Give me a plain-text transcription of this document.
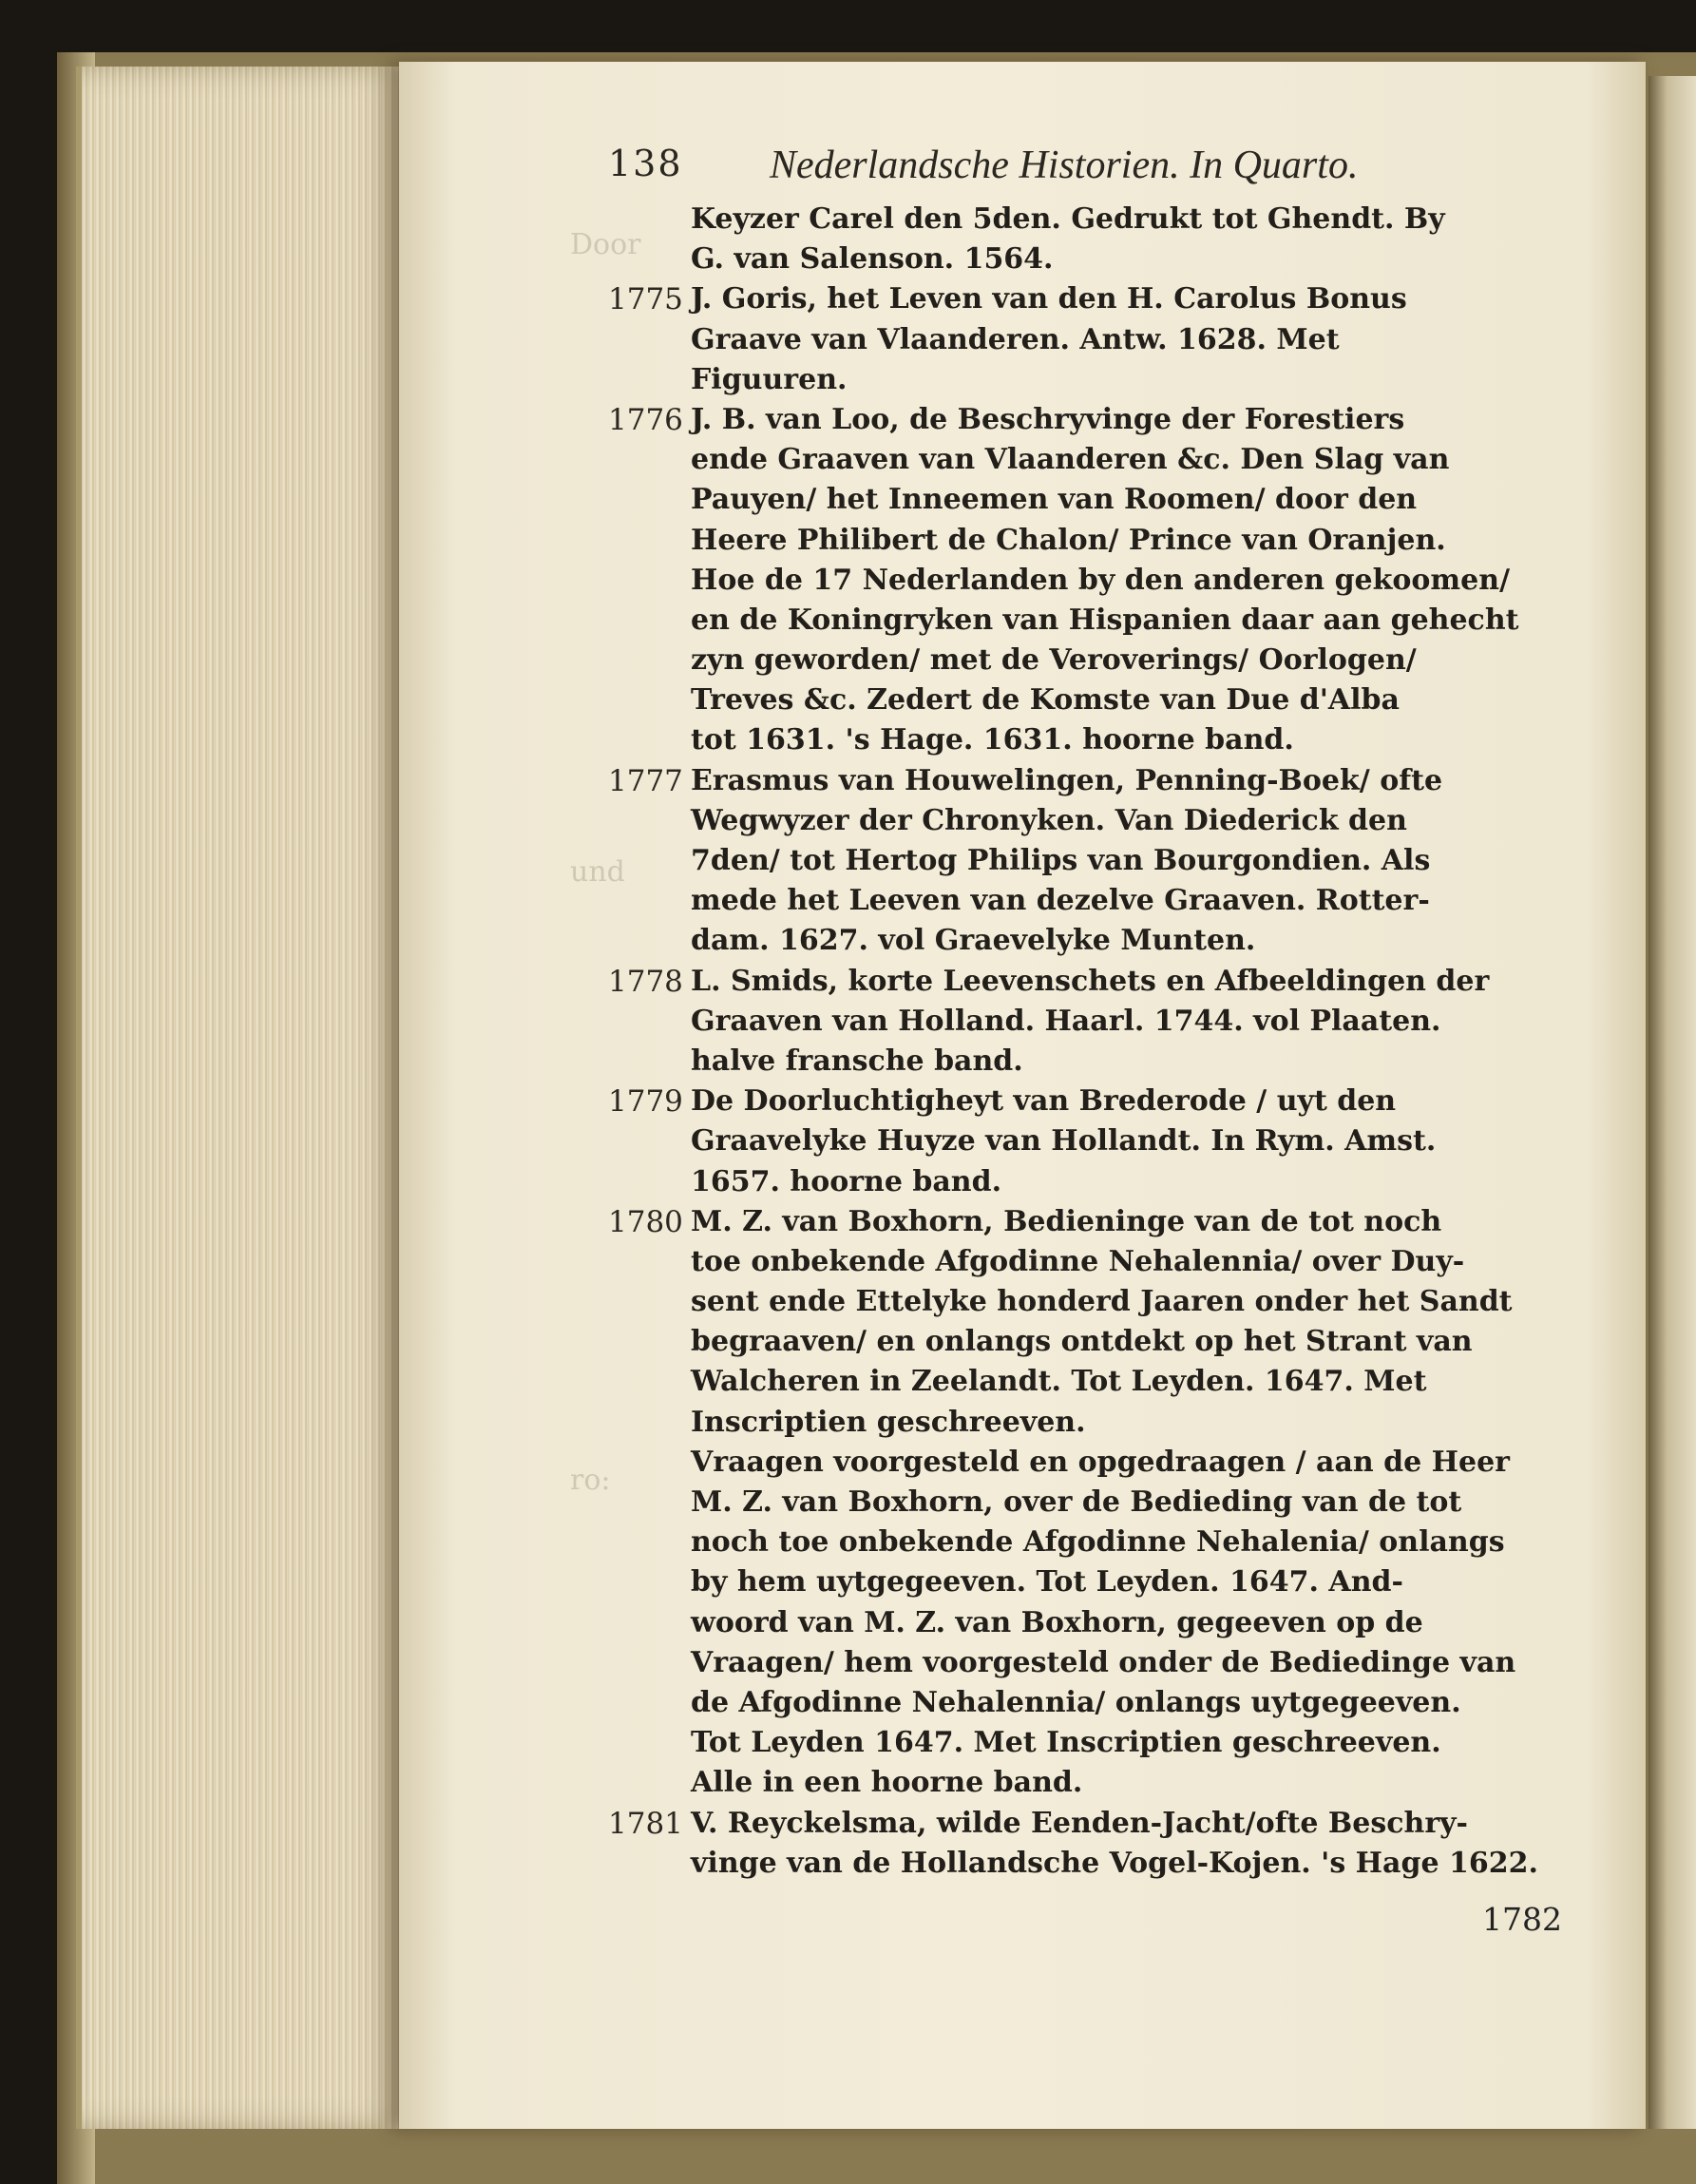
Door
und
ro:
138 Nederlandsche Historien. In Quarto.
Keyzer Carel den 5den. Gedrukt tot Ghendt. By
G. van Salenson. 1564.
1775 J. Goris, het Leven van den H. Carolus Bonus
Graave van Vlaanderen. Antw. 1628. Met
Figuuren.
1776 J. B. van Loo, de Beschryvinge der Forestiers
ende Graaven van Vlaanderen &c. Den Slag van
Pauyen/ het Inneemen van Roomen/ door den
Heere Philibert de Chalon/ Prince van Oranjen.
Hoe de 17 Nederlanden by den anderen gekoomen/
en de Koningryken van Hispanien daar aan gehecht
zyn geworden/ met de Veroverings/ Oorlogen/
Treves &c. Zedert de Komste van Due d'Alba
tot 1631. 's Hage. 1631. hoorne band.
1777 Erasmus van Houwelingen, Penning-Boek/ ofte
Wegwyzer der Chronyken. Van Diederick den
7den/ tot Hertog Philips van Bourgondien. Als
mede het Leeven van dezelve Graaven. Rotter-
dam. 1627. vol Graevelyke Munten.
1778 L. Smids, korte Leevenschets en Afbeeldingen der
Graaven van Holland. Haarl. 1744. vol Plaaten.
halve fransche band.
1779 De Doorluchtigheyt van Brederode / uyt den
Graavelyke Huyze van Hollandt. In Rym. Amst.
1657. hoorne band.
1780 M. Z. van Boxhorn, Bedieninge van de tot noch
toe onbekende Afgodinne Nehalennia/ over Duy-
sent ende Ettelyke honderd Jaaren onder het Sandt
begraaven/ en onlangs ontdekt op het Strant van
Walcheren in Zeelandt. Tot Leyden. 1647. Met
Inscriptien geschreeven.
Vraagen voorgesteld en opgedraagen / aan de Heer
M. Z. van Boxhorn, over de Bedieding van de tot
noch toe onbekende Afgodinne Nehalenia/ onlangs
by hem uytgegeeven. Tot Leyden. 1647. And-
woord van M. Z. van Boxhorn, gegeeven op de
Vraagen/ hem voorgesteld onder de Bediedinge van
de Afgodinne Nehalennia/ onlangs uytgegeeven.
Tot Leyden 1647. Met Inscriptien geschreeven.
Alle in een hoorne band.
1781 V. Reyckelsma, wilde Eenden-Jacht/ofte Beschry-
vinge van de Hollandsche Vogel-Kojen. 's Hage 1622.
1782
